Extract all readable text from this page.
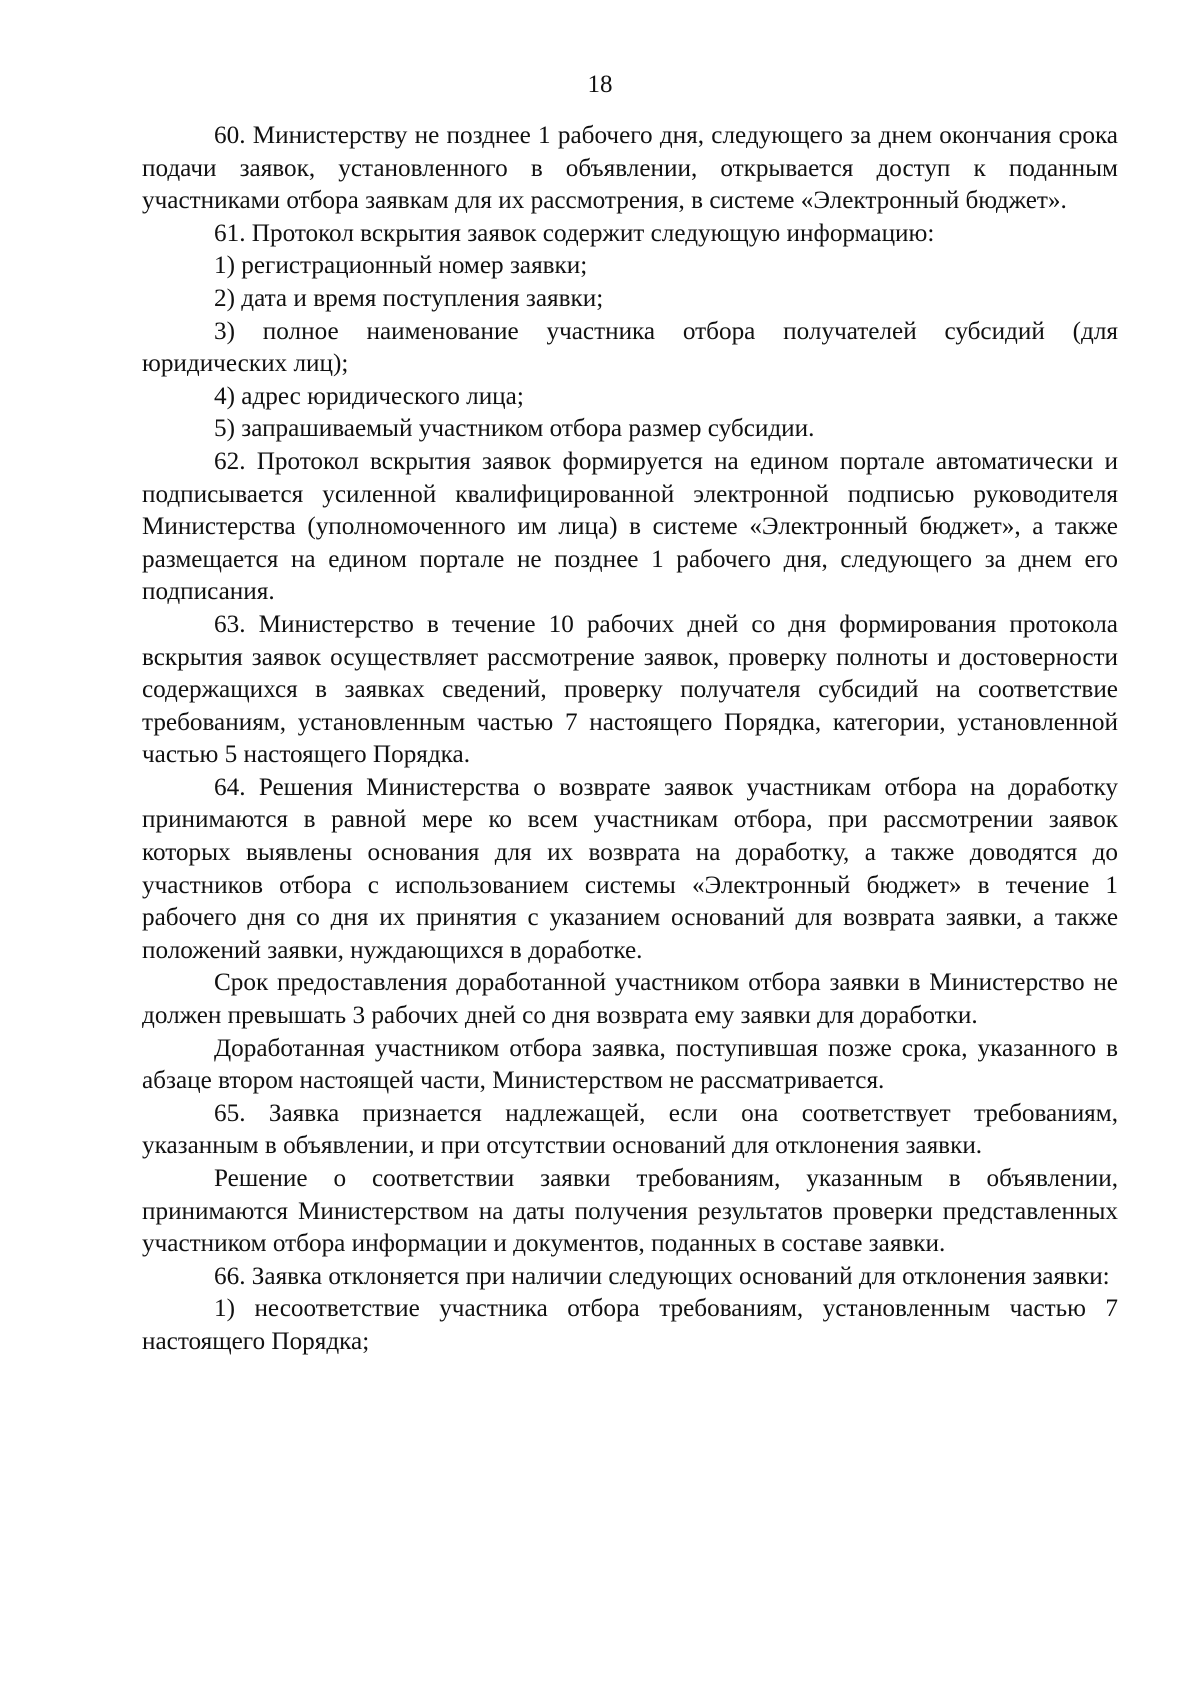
18

60. Министерству не позднее 1 рабочего дня, следующего за днем окончания срока подачи заявок, установленного в объявлении, открывается доступ к поданным участниками отбора заявкам для их рассмотрения, в системе «Электронный бюджет».

61. Протокол вскрытия заявок содержит следующую информацию:

1) регистрационный номер заявки;

2) дата и время поступления заявки;

3) полное наименование участника отбора получателей субсидий (для юридических лиц);

4) адрес юридического лица;

5) запрашиваемый участником отбора размер субсидии.

62. Протокол вскрытия заявок формируется на едином портале автоматически и подписывается усиленной квалифицированной электронной подписью руководителя Министерства (уполномоченного им лица) в системе «Электронный бюджет», а также размещается на едином портале не позднее 1 рабочего дня, следующего за днем его подписания.

63. Министерство в течение 10 рабочих дней со дня формирования протокола вскрытия заявок осуществляет рассмотрение заявок, проверку полноты и достоверности содержащихся в заявках сведений, проверку получателя субсидий на соответствие требованиям, установленным частью 7 настоящего Порядка, категории, установленной частью 5 настоящего Порядка.

64. Решения Министерства о возврате заявок участникам отбора на доработку принимаются в равной мере ко всем участникам отбора, при рассмотрении заявок которых выявлены основания для их возврата на доработку, а также доводятся до участников отбора с использованием системы «Электронный бюджет» в течение 1 рабочего дня со дня их принятия с указанием оснований для возврата заявки, а также положений заявки, нуждающихся в доработке.

Срок предоставления доработанной участником отбора заявки в Министерство не должен превышать 3 рабочих дней со дня возврата ему заявки для доработки.

Доработанная участником отбора заявка, поступившая позже срока, указанного в абзаце втором настоящей части, Министерством не рассматривается.

65. Заявка признается надлежащей, если она соответствует требованиям, указанным в объявлении, и при отсутствии оснований для отклонения заявки.

Решение о соответствии заявки требованиям, указанным в объявлении, принимаются Министерством на даты получения результатов проверки представленных участником отбора информации и документов, поданных в составе заявки.

66. Заявка отклоняется при наличии следующих оснований для отклонения заявки:

1) несоответствие участника отбора требованиям, установленным частью 7 настоящего Порядка;
